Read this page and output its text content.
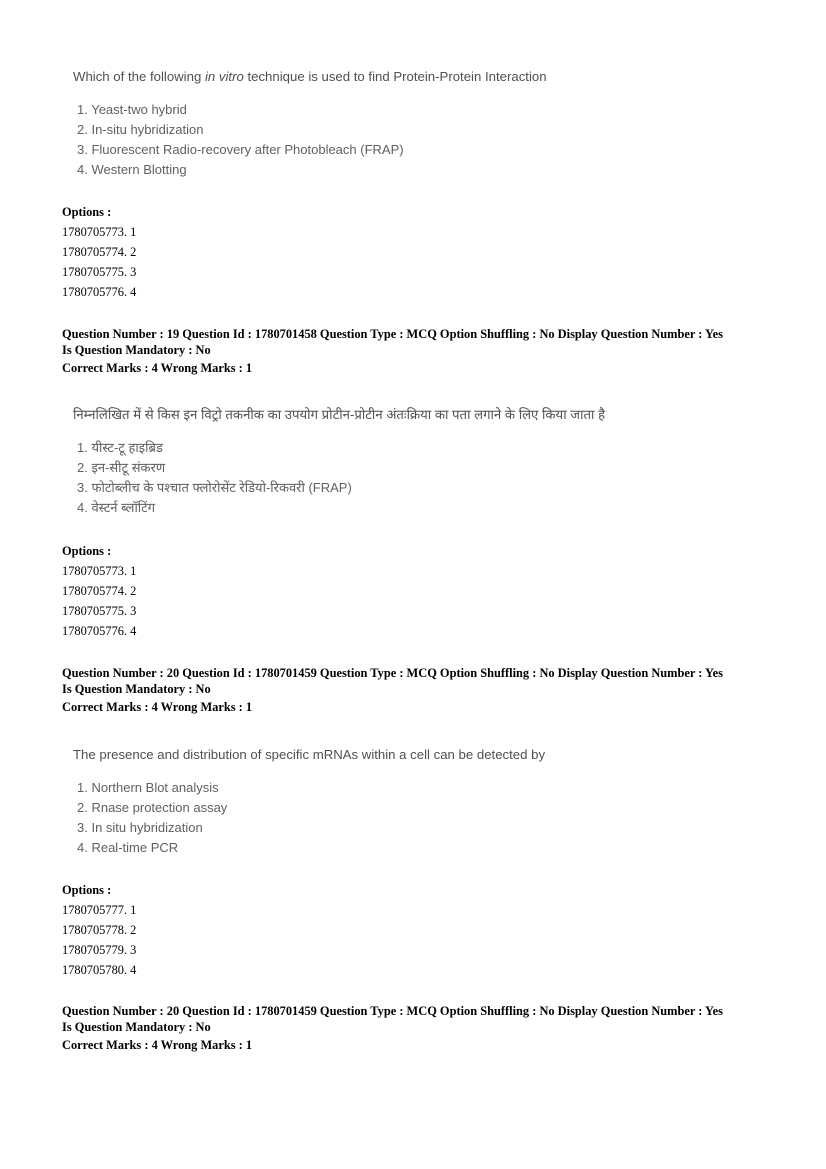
Which of the following in vitro technique is used to find Protein-Protein Interaction
1. Yeast-two hybrid
2. In-situ hybridization
3. Fluorescent Radio-recovery after Photobleach (FRAP)
4. Western Blotting
Options :
1780705773. 1
1780705774. 2
1780705775. 3
1780705776. 4
Question Number : 19 Question Id : 1780701458 Question Type : MCQ Option Shuffling : No Display Question Number : Yes
Is Question Mandatory : No
Correct Marks : 4 Wrong Marks : 1
निम्नलिखित में से किस इन विट्रो तकनीक का उपयोग प्रोटीन-प्रोटीन अंतःक्रिया का पता लगाने के लिए किया जाता है
1. यीस्ट-टू हाइब्रिड
2. इन-सीटू संकरण
3. फोटोब्लीच के पश्चात फ्लोरोसेंट रेडियो-रिकवरी (FRAP)
4. वेस्टर्न ब्लॉटिंग
Options :
1780705773. 1
1780705774. 2
1780705775. 3
1780705776. 4
Question Number : 20 Question Id : 1780701459 Question Type : MCQ Option Shuffling : No Display Question Number : Yes
Is Question Mandatory : No
Correct Marks : 4 Wrong Marks : 1
The presence and distribution of specific mRNAs within a cell can be detected by
1. Northern Blot analysis
2. Rnase protection assay
3. In situ hybridization
4. Real-time PCR
Options :
1780705777. 1
1780705778. 2
1780705779. 3
1780705780. 4
Question Number : 20 Question Id : 1780701459 Question Type : MCQ Option Shuffling : No Display Question Number : Yes
Is Question Mandatory : No
Correct Marks : 4 Wrong Marks : 1
